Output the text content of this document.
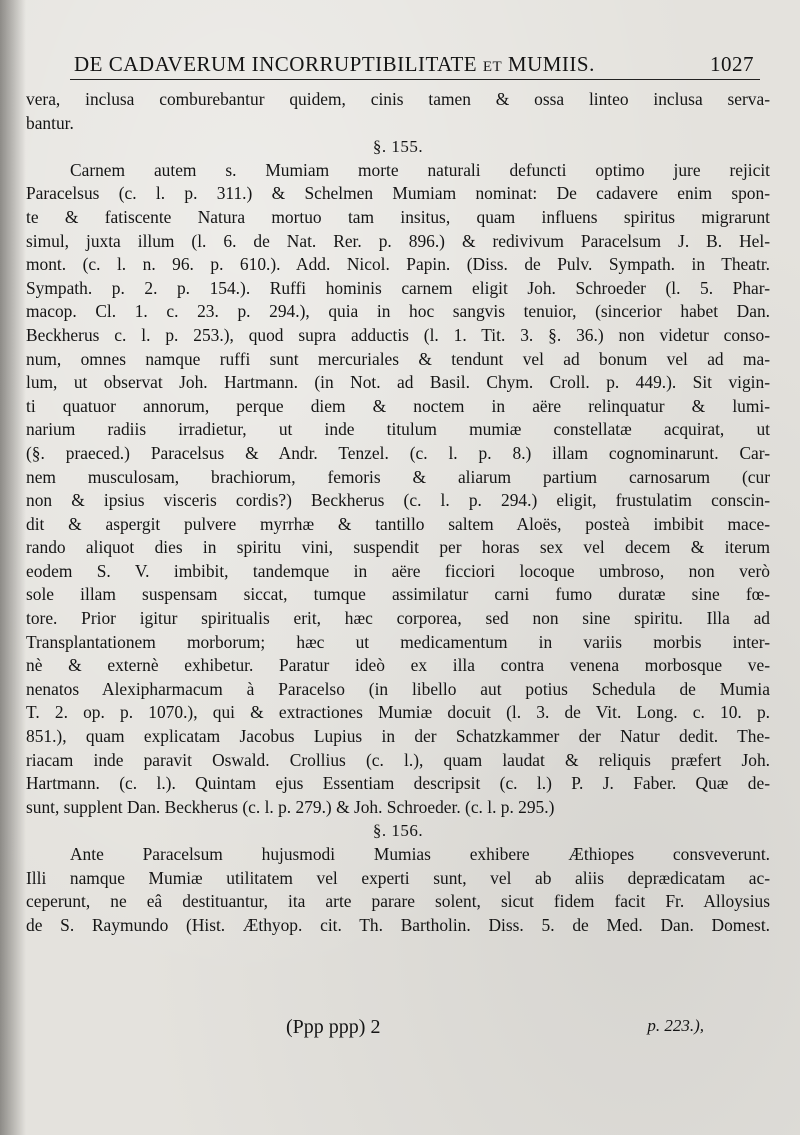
DE CADAVERUM INCORRUPTIBILITATE et MUMIIS.	1027
vera, inclusa comburebantur quidem, cinis tamen & ossa linteo inclusa serva-
bantur.
§. 155.
Carnem autem s. Mumiam morte naturali defuncti optimo jure rejicit
Paracelsus (c. l. p. 311.) & Schelmen Mumiam nominat: De cadavere enim spon-
te & fatiscente Natura mortuo tam insitus, quam influens spiritus migrarunt
simul, juxta illum (l. 6. de Nat. Rer. p. 896.) & redivivum Paracelsum J. B. Hel-
mont. (c. l. n. 96. p. 610.). Add. Nicol. Papin. (Diss. de Pulv. Sympath. in Theatr.
Sympath. p. 2. p. 154.). Ruffi hominis carnem eligit Joh. Schroeder (l. 5. Phar-
macop. Cl. 1. c. 23. p. 294.), quia in hoc sangvis tenuior, (sincerior habet Dan.
Beckherus c. l. p. 253.), quod supra adductis (l. 1. Tit. 3. §. 36.) non videtur conso-
num, omnes namque ruffi sunt mercuriales & tendunt vel ad bonum vel ad ma-
lum, ut observat Joh. Hartmann. (in Not. ad Basil. Chym. Croll. p. 449.). Sit vigin-
ti quatuor annorum, perque diem & noctem in aëre relinquatur & lumi-
narium radiis irradietur, ut inde titulum mumiæ constellatæ acquirat, ut
(§. praeced.) Paracelsus & Andr. Tenzel. (c. l. p. 8.) illam cognominarunt. Car-
nem musculosam, brachiorum, femoris & aliarum partium carnosarum (cur
non & ipsius visceris cordis?) Beckherus (c. l. p. 294.) eligit, frustulatim conscin-
dit & aspergit pulvere myrrhæ & tantillo saltem Aloës, posteà imbibit mace-
rando aliquot dies in spiritu vini, suspendit per horas sex vel decem & iterum
eodem S. V. imbibit, tandemque in aëre ficciori locoque umbroso, non verò
sole illam suspensam siccat, tumque assimilatur carni fumo duratæ sine fœ-
tore. Prior igitur spiritualis erit, hæc corporea, sed non sine spiritu. Illa ad
Transplantationem morborum; hæc ut medicamentum in variis morbis inter-
nè & externè exhibetur. Paratur ideò ex illa contra venena morbosque ve-
nenatos Alexipharmacum à Paracelso (in libello aut potius Schedula de Mumia
T. 2. op. p. 1070.), qui & extractiones Mumiæ docuit (l. 3. de Vit. Long. c. 10. p.
851.), quam explicatam Jacobus Lupius in der Schatzkammer der Natur dedit. The-
riacam inde paravit Oswald. Crollius (c. l.), quam laudat & reliquis præfert Joh.
Hartmann. (c. l.). Quintam ejus Essentiam descripsit (c. l.) P. J. Faber. Quæ de-
sunt, supplent Dan. Beckherus (c. l. p. 279.) & Joh. Schroeder. (c. l. p. 295.)
§. 156.
Ante Paracelsum hujusmodi Mumias exhibere Æthiopes consveverunt.
Illi namque Mumiæ utilitatem vel experti sunt, vel ab aliis deprædicatam ac-
ceperunt, ne eâ destituantur, ita arte parare solent, sicut fidem facit Fr. Alloysius
de S. Raymundo (Hist. Æthyop. cit. Th. Bartholin. Diss. 5. de Med. Dan. Domest.
(Ppp ppp) 2	p. 223.),
